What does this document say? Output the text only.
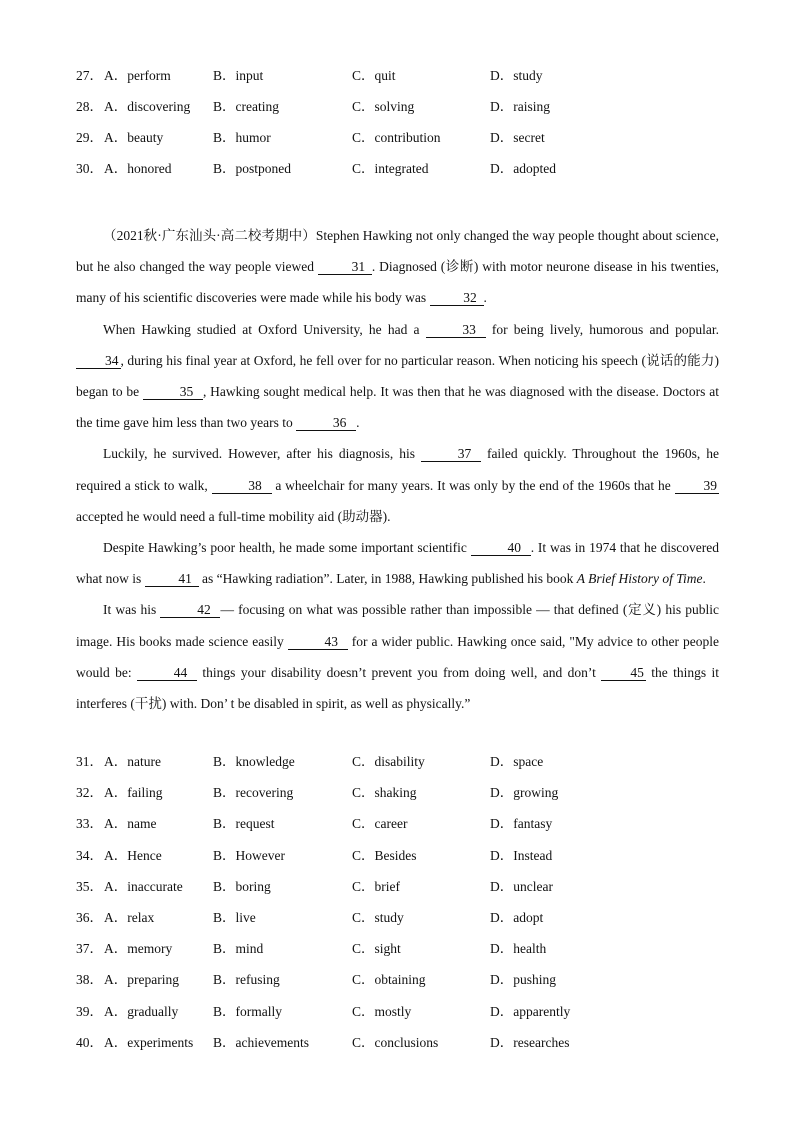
27． A．perform	B．input	C．quit	D．study
28． A．discovering B．creating	C．solving	D．raising
29． A．beauty	B．humor	C．contribution	D．secret
30． A．honored	B．postponed	C．integrated	D．adopted

（2021秋·广东汕头·高二校考期中）Stephen Hawking not only changed the way people thought about science, but he also changed the way people viewed	31 . Diagnosed (诊断) with motor neurone disease in his twenties, many of his scientific discoveries were made while his body was	32 .

When Hawking studied at Oxford University, he had a	33 for being lively, humorous and popular. 34 , during his final year at Oxford, he fell over for no particular reason. When noticing his speech (说话的能力) began to be	35 , Hawking sought medical help. It was then that he was diagnosed with the disease. Doctors at the time gave him less than two years to	36 .

Luckily, he survived. However, after his diagnosis, his	37 failed quickly. Throughout the 1960s, he required a stick to walk,	38 a wheelchair for many years. It was only by the end of the 1960s that he 39 accepted he would need a full-time mobility aid (助动器).

Despite Hawking’s poor health, he made some important scientific	40 . It was in 1974 that he discovered what now is	41 as “Hawking radiation”. Later, in 1988, Hawking published his book A Brief History of Time.

It was his	42 — focusing on what was possible rather than impossible — that defined (定义) his public image. His books made science easily	43 for a wider public. Hawking once said, "My advice to other people would be:	44 things your disability doesn’t prevent you from doing well, and don’t 45 the things it interferes (干扰) with. Don’ t be disabled in spirit, as well as physically.”

31． A．nature	B．knowledge	C．disability	D．space
32． A．failing	B．recovering	C．shaking	D．growing
33． A．name	B．request	C．career	D．fantasy
34． A．Hence	B．However	C．Besides	D．Instead
35． A．inaccurate B．boring	C．brief	D．unclear
36． A．relax	B．live	C．study	D．adopt
37． A．memory	B．mind	C．sight	D．health
38． A．preparing	B．refusing	C．obtaining	D．pushing
39． A．gradually	B．formally	C．mostly	D．apparently
40． A．experiments B．achievements	C．conclusions	D．researches
